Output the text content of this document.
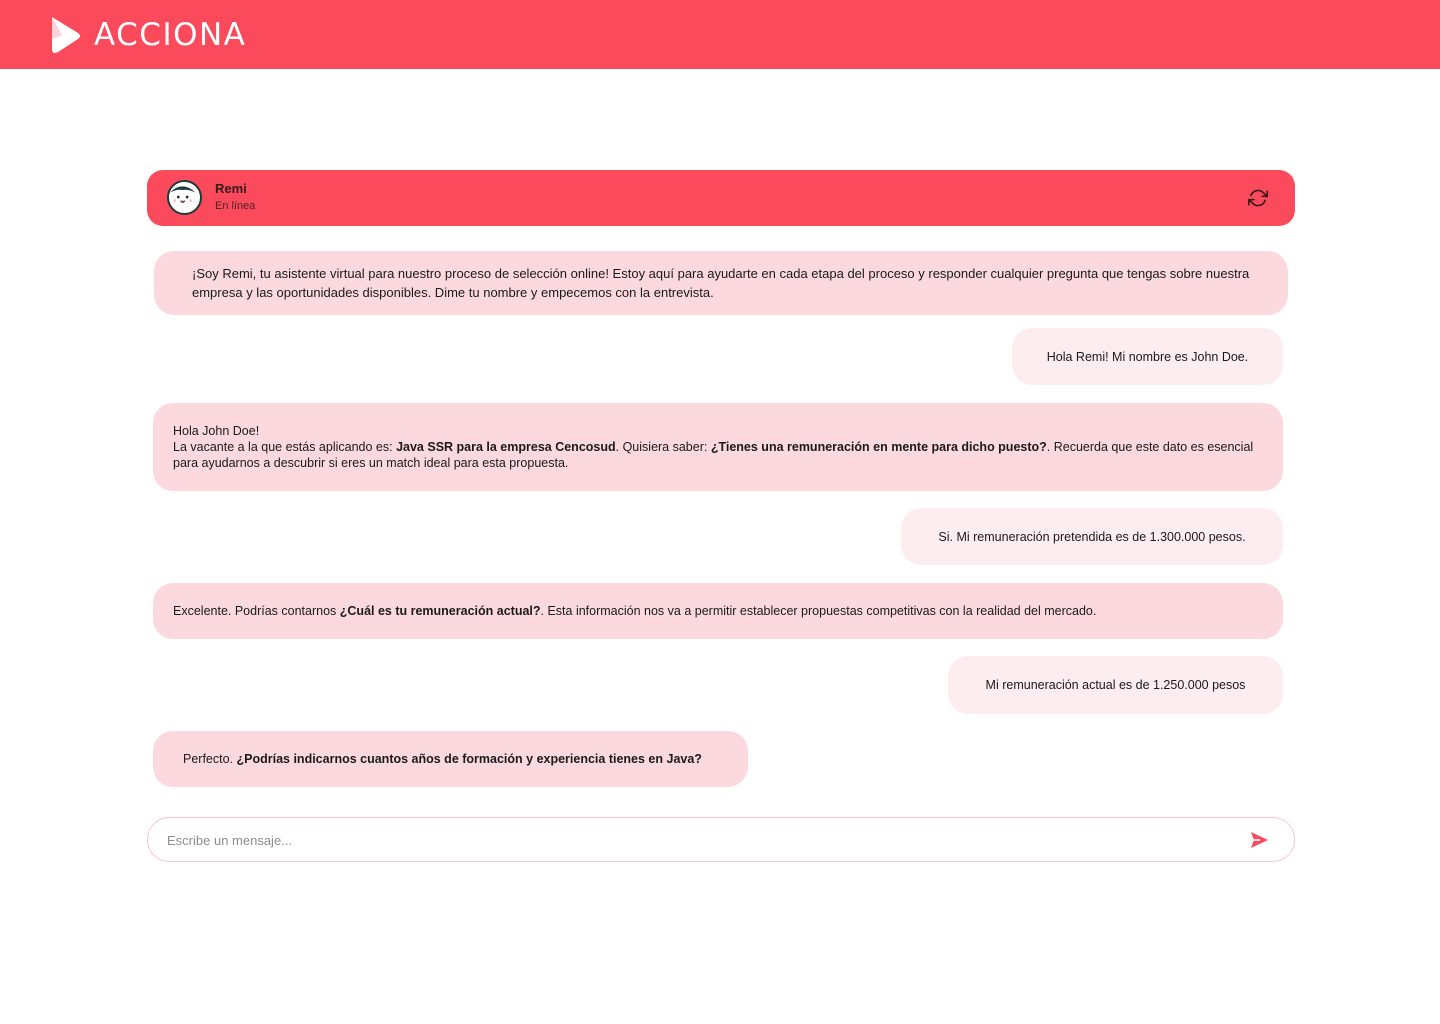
ACCIONA
Remi
En línea
¡Soy Remi, tu asistente virtual para nuestro proceso de selección online! Estoy aquí para ayudarte en cada etapa del proceso y responder cualquier pregunta que tengas sobre nuestra empresa y las oportunidades disponibles. Dime tu nombre y empecemos con la entrevista.
Hola Remi! Mi nombre es John Doe.
Hola John Doe!
La vacante a la que estás aplicando es: Java SSR para la empresa Cencosud. Quisiera saber: ¿Tienes una remuneración en mente para dicho puesto?. Recuerda que este dato es esencial para ayudarnos a descubrir si eres un match ideal para esta propuesta.
Si. Mi remuneración pretendida es de 1.300.000 pesos.
Excelente. Podrías contarnos ¿Cuál es tu remuneración actual?. Esta información nos va a permitir establecer propuestas competitivas con la realidad del mercado.
Mi remuneración actual es de 1.250.000 pesos
Perfecto. ¿Podrías indicarnos cuantos años de formación y experiencia tienes en Java?
Escribe un mensaje...
